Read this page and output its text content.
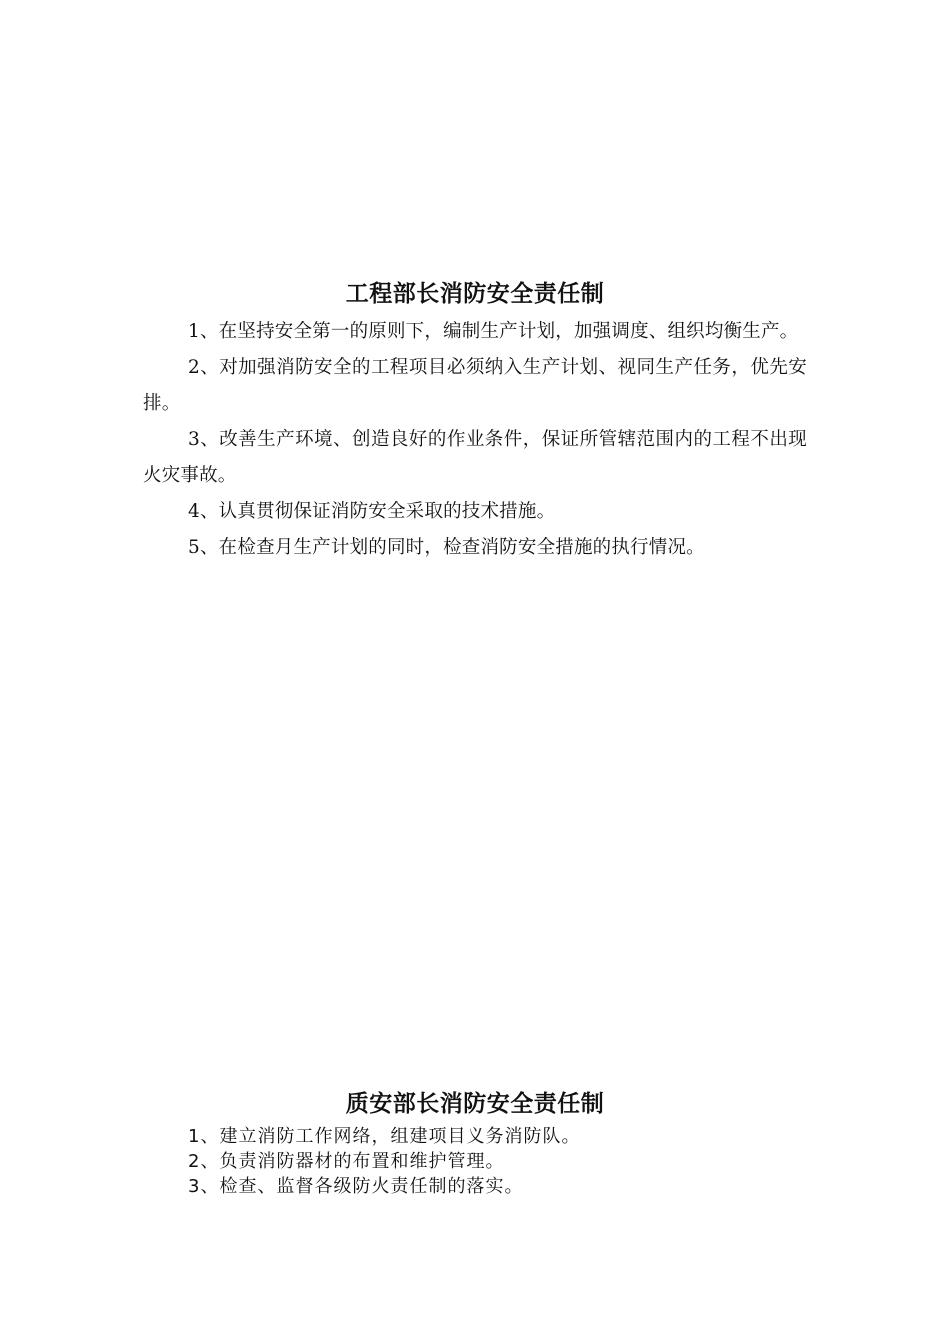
工程部长消防安全责任制

1、在坚持安全第一的原则下，编制生产计划，加强调度、组织均衡生产。

2、对加强消防安全的工程项目必须纳入生产计划、视同生产任务，优先安排。

3、改善生产环境、创造良好的作业条件，保证所管辖范围内的工程不出现火灾事故。

4、认真贯彻保证消防安全采取的技术措施。

5、在检查月生产计划的同时，检查消防安全措施的执行情况。

质安部长消防安全责任制

1、建立消防工作网络，组建项目义务消防队。

2、负责消防器材的布置和维护管理。

3、检查、监督各级防火责任制的落实。
